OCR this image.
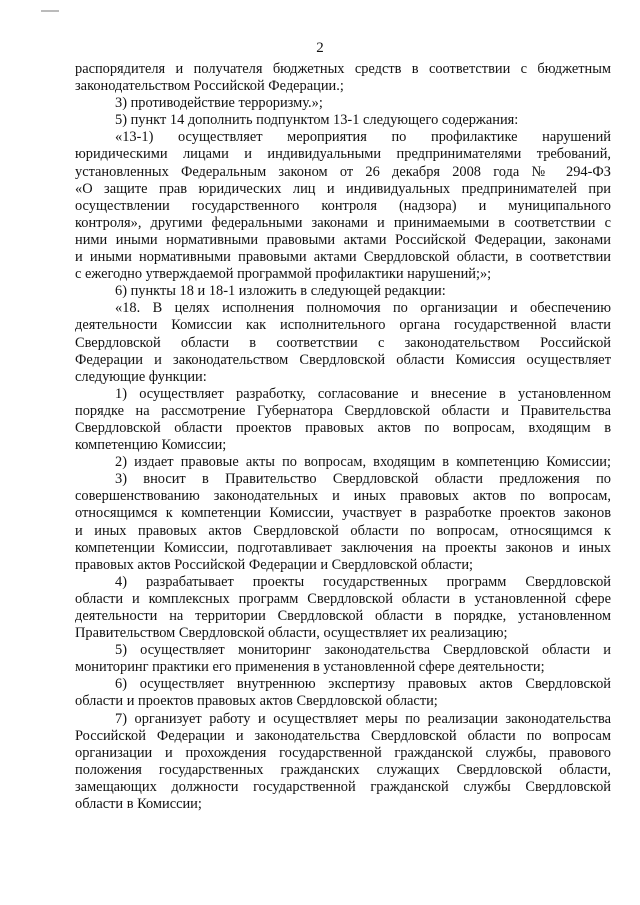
2
распорядителя и получателя бюджетных средств в соответствии с бюджетным
законодательством Российской Федерации.;
3) противодействие терроризму.»;
5) пункт 14 дополнить подпунктом 13-1 следующего содержания:
«13-1) осуществляет мероприятия по профилактике нарушений
юридическими лицами и индивидуальными предпринимателями требований,
установленных Федеральным законом от 26 декабря 2008 года № 294-ФЗ
«О защите прав юридических лиц и индивидуальных предпринимателей при
осуществлении государственного контроля (надзора) и муниципального
контроля», другими федеральными законами и принимаемыми в соответствии с
ними иными нормативными правовыми актами Российской Федерации, законами
и иными нормативными правовыми актами Свердловской области, в соответствии
с ежегодно утверждаемой программой профилактики нарушений;»;
6) пункты 18 и 18-1 изложить в следующей редакции:
«18. В целях исполнения полномочия по организации и обеспечению
деятельности Комиссии как исполнительного органа государственной власти
Свердловской области в соответствии с законодательством Российской
Федерации и законодательством Свердловской области Комиссия осуществляет
следующие функции:
1) осуществляет разработку, согласование и внесение в установленном
порядке на рассмотрение Губернатора Свердловской области и Правительства
Свердловской области проектов правовых актов по вопросам, входящим в
компетенцию Комиссии;
2) издает правовые акты по вопросам, входящим в компетенцию Комиссии;
3) вносит в Правительство Свердловской области предложения по
совершенствованию законодательных и иных правовых актов по вопросам,
относящимся к компетенции Комиссии, участвует в разработке проектов законов
и иных правовых актов Свердловской области по вопросам, относящимся к
компетенции Комиссии, подготавливает заключения на проекты законов и иных
правовых актов Российской Федерации и Свердловской области;
4) разрабатывает проекты государственных программ Свердловской
области и комплексных программ Свердловской области в установленной сфере
деятельности на территории Свердловской области в порядке, установленном
Правительством Свердловской области, осуществляет их реализацию;
5) осуществляет мониторинг законодательства Свердловской области и
мониторинг практики его применения в установленной сфере деятельности;
6) осуществляет внутреннюю экспертизу правовых актов Свердловской
области и проектов правовых актов Свердловской области;
7) организует работу и осуществляет меры по реализации законодательства
Российской Федерации и законодательства Свердловской области по вопросам
организации и прохождения государственной гражданской службы, правового
положения государственных гражданских служащих Свердловской области,
замещающих должности государственной гражданской службы Свердловской
области в Комиссии;
